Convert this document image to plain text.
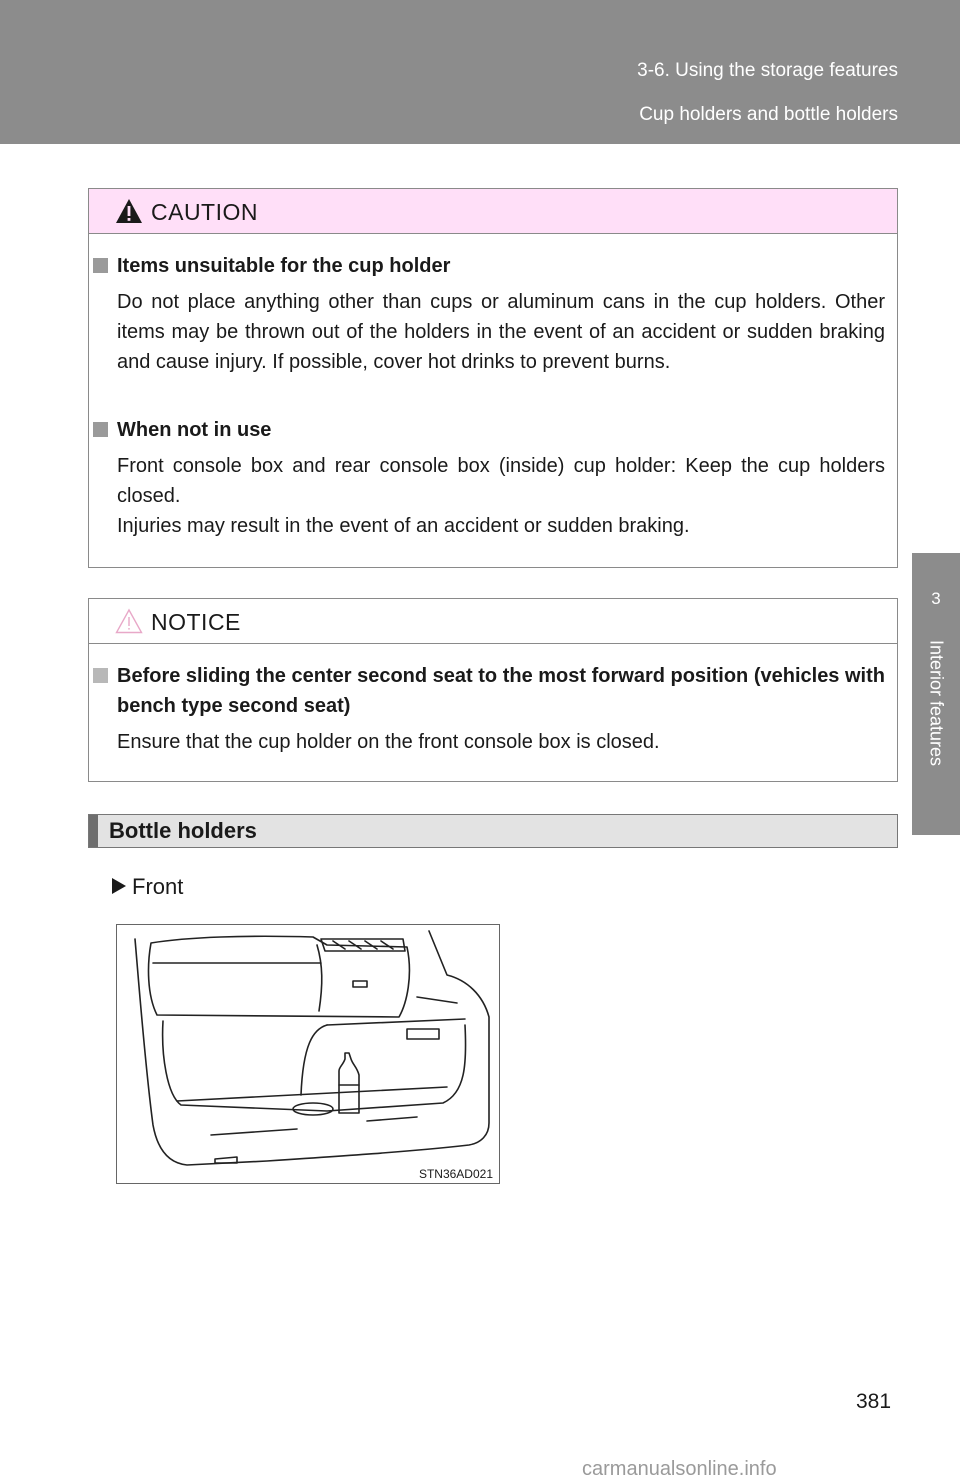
3-6. Using the storage features
Cup holders and bottle holders
3
Interior features
CAUTION
Items unsuitable for the cup holder

Do not place anything other than cups or aluminum cans in the cup holders. Other items may be thrown out of the holders in the event of an accident or sudden braking and cause injury. If possible, cover hot drinks to prevent burns.

When not in use

Front console box and rear console box (inside) cup holder: Keep the cup holders closed.

Injuries may result in the event of an accident or sudden braking.

NOTICE
Before sliding the center second seat to the most forward position (vehicles with bench type second seat)

Ensure that the cup holder on the front console box is closed.

Bottle holders
Front
STN36AD021
381
carmanualsonline.info
